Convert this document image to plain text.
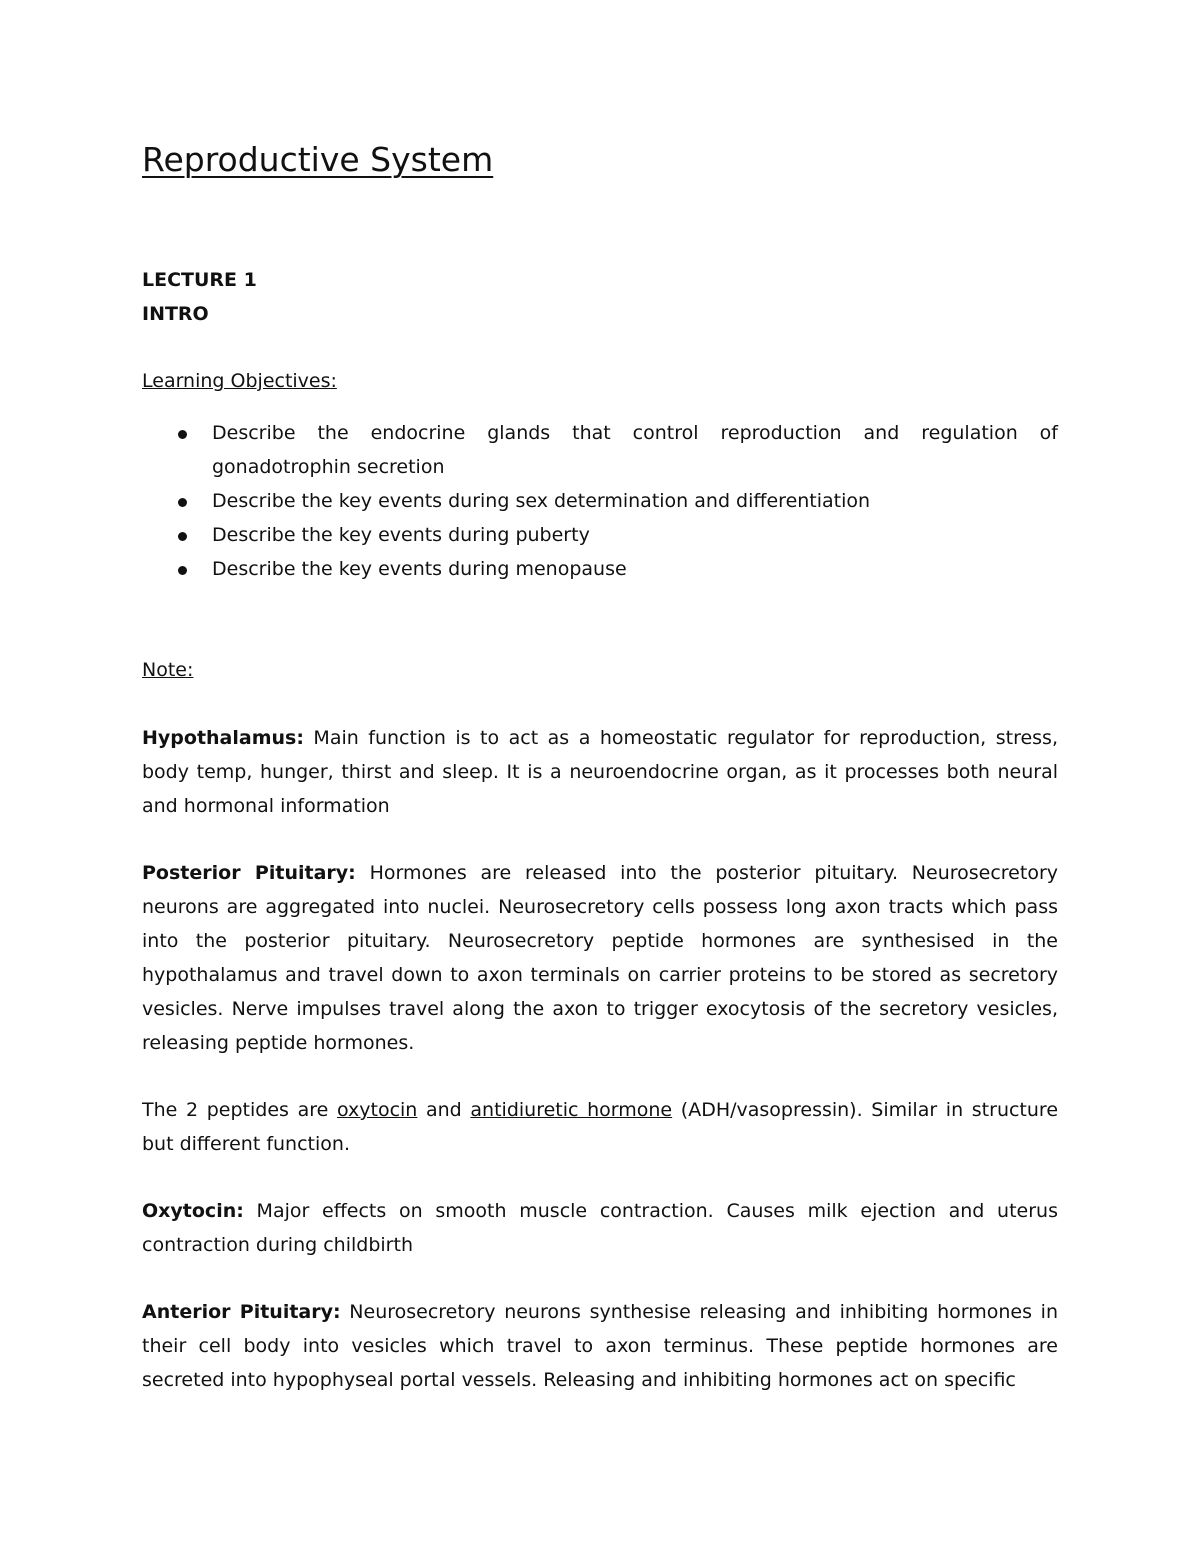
Reproductive System

LECTURE 1

INTRO

Learning Objectives:

Describe the endocrine glands that control reproduction and regulation of gonadotrophin secretion
Describe the key events during sex determination and differentiation
Describe the key events during puberty
Describe the key events during menopause

Note:

Hypothalamus: Main function is to act as a homeostatic regulator for reproduction, stress, body temp, hunger, thirst and sleep. It is a neuroendocrine organ, as it processes both neural and hormonal information

Posterior Pituitary: Hormones are released into the posterior pituitary. Neurosecretory neurons are aggregated into nuclei. Neurosecretory cells possess long axon tracts which pass into the posterior pituitary. Neurosecretory peptide hormones are synthesised in the hypothalamus and travel down to axon terminals on carrier proteins to be stored as secretory vesicles. Nerve impulses travel along the axon to trigger exocytosis of the secretory vesicles, releasing peptide hormones.

The 2 peptides are oxytocin and antidiuretic hormone (ADH/vasopressin). Similar in structure but different function.

Oxytocin: Major effects on smooth muscle contraction. Causes milk ejection and uterus contraction during childbirth

Anterior Pituitary: Neurosecretory neurons synthesise releasing and inhibiting hormones in their cell body into vesicles which travel to axon terminus. These peptide hormones are secreted into hypophyseal portal vessels. Releasing and inhibiting hormones act on specific
